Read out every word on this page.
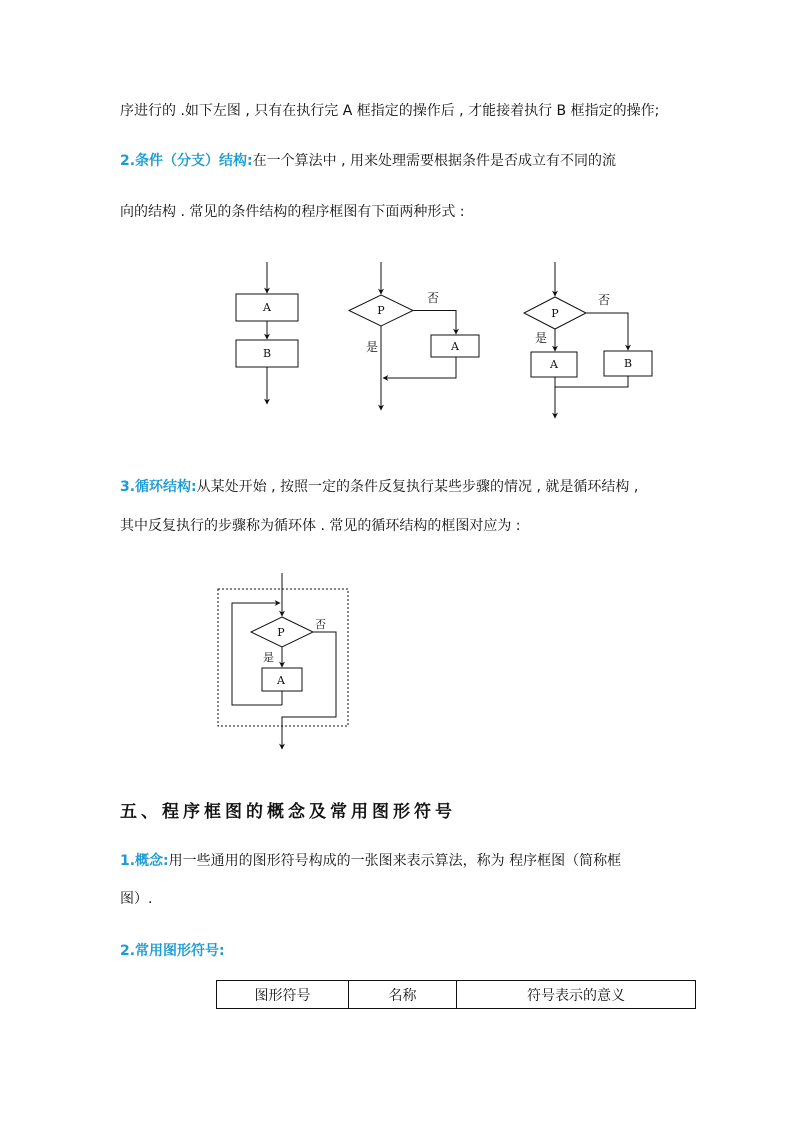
序进行的 .如下左图 , 只有在执行完 A 框指定的操作后 , 才能接着执行 B 框指定的操作;
2.条件（分支）结构:在一个算法中 , 用来处理需要根据条件是否成立有不同的流
向的结构 . 常见的条件结构的程序框图有下面两种形式 :
A
B
P
否
是	A
P
否
是
A	B
3.循环结构:从某处开始 , 按照一定的条件反复执行某些步骤的情况 , 就是循环结构 ,
其中反复执行的步骤称为循环体 . 常见的循环结构的框图对应为 :
P
否
是
A
五、程序框图的概念及常用图形符号
1.概念:用一些通用的图形符号构成的一张图来表示算法，称为 程序框图（简称框
图）.
2.常用图形符号:
图形符号	名称	符号表示的意义
